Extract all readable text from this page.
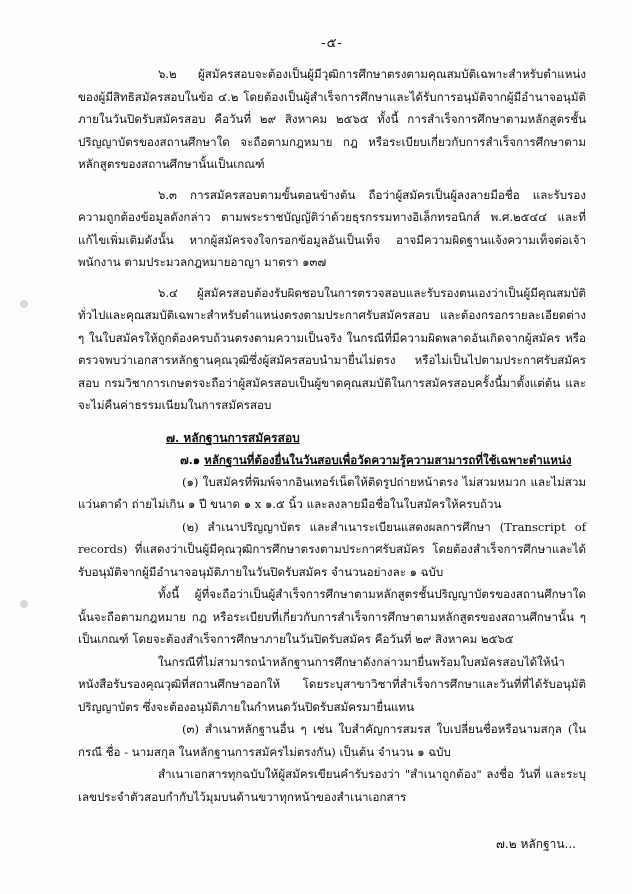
-๕-

๖.๒ ผู้สมัครสอบจะต้องเป็นผู้มีวุฒิการศึกษาตรงตามคุณสมบัติเฉพาะสำหรับตำแหน่งของผู้มีสิทธิสมัครสอบในข้อ ๔.๒ โดยต้องเป็นผู้สำเร็จการศึกษาและได้รับการอนุมัติจากผู้มีอำนาจอนุมัติภายในวันปิดรับสมัครสอบ คือวันที่ ๒๙ สิงหาคม ๒๕๖๕ ทั้งนี้ การสำเร็จการศึกษาตามหลักสูตรชั้นปริญญาบัตรของสถานศึกษาใด จะถือตามกฎหมาย กฎ หรือระเบียบเกี่ยวกับการสำเร็จการศึกษาตามหลักสูตรของสถานศึกษานั้นเป็นเกณฑ์

๖.๓ การสมัครสอบตามขั้นตอนข้างต้น ถือว่าผู้สมัครเป็นผู้ลงลายมือชื่อ และรับรองความถูกต้องข้อมูลดังกล่าว ตามพระราชบัญญัติว่าด้วยธุรกรรมทางอิเล็กทรอนิกส์ พ.ศ.๒๕๔๔ และที่แก้ไขเพิ่มเติมดังนั้น หากผู้สมัครจงใจกรอกข้อมูลอันเป็นเท็จ อาจมีความผิดฐานแจ้งความเท็จต่อเจ้าพนักงาน ตามประมวลกฎหมายอาญา มาตรา ๑๓๗

๖.๔ ผู้สมัครสอบต้องรับผิดชอบในการตรวจสอบและรับรองตนเองว่าเป็นผู้มีคุณสมบัติทั่วไปและคุณสมบัติเฉพาะสำหรับตำแหน่งตรงตามประกาศรับสมัครสอบ และต้องกรอกรายละเอียดต่าง ๆ ในใบสมัครให้ถูกต้องครบถ้วนตรงตามความเป็นจริง ในกรณีที่มีความผิดพลาดอันเกิดจากผู้สมัคร หรือตรวจพบว่าเอกสารหลักฐานคุณวุฒิซึ่งผู้สมัครสอบนำมายื่นไม่ตรง หรือไม่เป็นไปตามประกาศรับสมัครสอบ กรมวิชาการเกษตรจะถือว่าผู้สมัครสอบเป็นผู้ขาดคุณสมบัติในการสมัครสอบครั้งนี้มาตั้งแต่ต้น และจะไม่คืนค่าธรรมเนียมในการสมัครสอบ

๗. หลักฐานการสมัครสอบ
๗.๑ หลักฐานที่ต้องยื่นในวันสอบเพื่อวัดความรู้ความสามารถที่ใช้เฉพาะตำแหน่ง

(๑) ใบสมัครที่พิมพ์จากอินเทอร์เน็ตให้ติดรูปถ่ายหน้าตรง ไม่สวมหมวก และไม่สวมแว่นตาดำ ถ่ายไม่เกิน ๑ ปี ขนาด ๑ x ๑.๕ นิ้ว และลงลายมือชื่อในใบสมัครให้ครบถ้วน

(๒) สำเนาปริญญาบัตร และสำเนาระเบียนแสดงผลการศึกษา (Transcript of records) ที่แสดงว่าเป็นผู้มีคุณวุฒิการศึกษาตรงตามประกาศรับสมัคร โดยต้องสำเร็จการศึกษาและได้รับอนุมัติจากผู้มีอำนาจอนุมัติภายในวันปิดรับสมัคร จำนวนอย่างละ ๑ ฉบับ

ทั้งนี้ ผู้ที่จะถือว่าเป็นผู้สำเร็จการศึกษาตามหลักสูตรชั้นปริญญาบัตรของสถานศึกษาใดนั้นจะถือตามกฎหมาย กฎ หรือระเบียบที่เกี่ยวกับการสำเร็จการศึกษาตามหลักสูตรของสถานศึกษานั้น ๆ เป็นเกณฑ์ โดยจะต้องสำเร็จการศึกษาภายในวันปิดรับสมัคร คือวันที่ ๒๙ สิงหาคม ๒๕๖๕

ในกรณีที่ไม่สามารถนำหลักฐานการศึกษาดังกล่าวมายื่นพร้อมใบสมัครสอบได้ให้นำหนังสือรับรองคุณวุฒิที่สถานศึกษาออกให้ โดยระบุสาขาวิชาที่สำเร็จการศึกษาและวันที่ที่ได้รับอนุมัติปริญญาบัตร ซึ่งจะต้องอนุมัติภายในกำหนดวันปิดรับสมัครมายื่นแทน

(๓) สำเนาหลักฐานอื่น ๆ เช่น ใบสำคัญการสมรส ใบเปลี่ยนชื่อหรือนามสกุล (ในกรณี ชื่อ - นามสกุล ในหลักฐานการสมัครไม่ตรงกัน) เป็นต้น จำนวน ๑ ฉบับ

สำเนาเอกสารทุกฉบับให้ผู้สมัครเขียนคำรับรองว่า "สำเนาถูกต้อง" ลงชื่อ วันที่ และระบุเลขประจำตัวสอบกำกับไว้มุมบนด้านขวาทุกหน้าของสำเนาเอกสาร

๗.๒ หลักฐาน...
